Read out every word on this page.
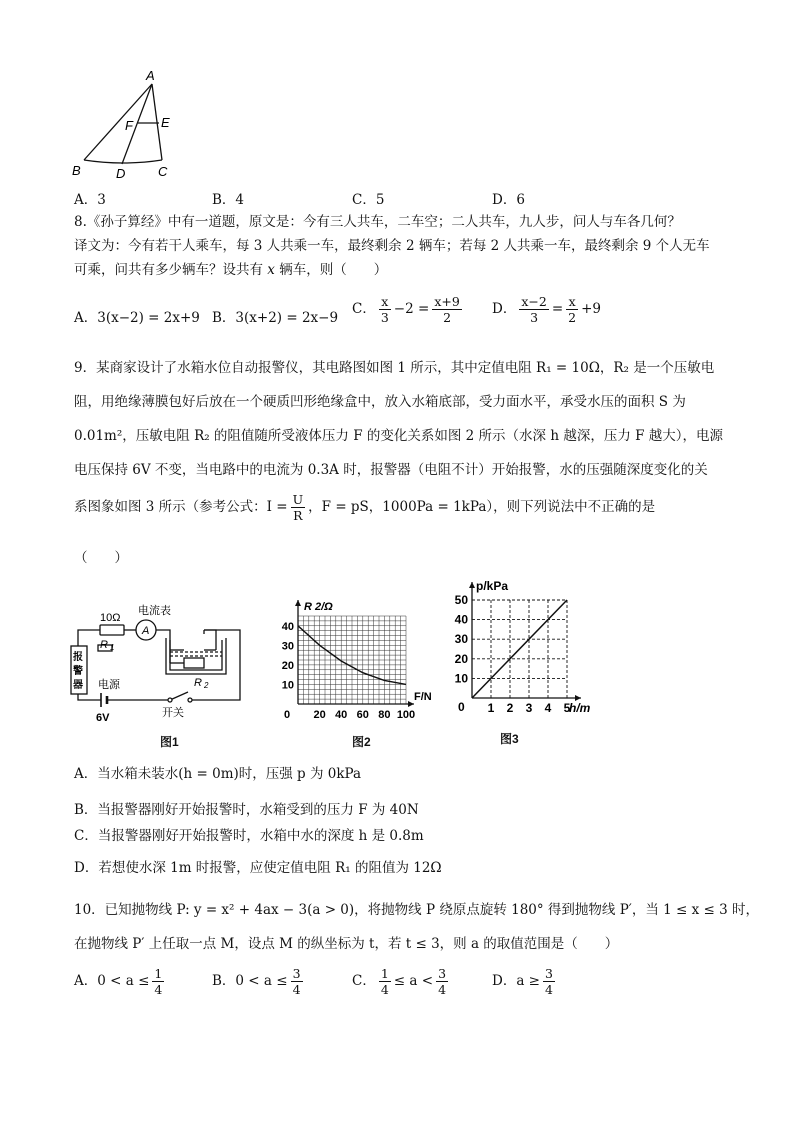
A
E
F
B	D	C
A．3	B．4	C．5	D．6
8.《孙子算经》中有一道题，原文是：今有三人共车，二车空；二人共车，九人步，问人与车各几何？
译文为：今有若干人乘车，每 3 人共乘一车，最终剩余 2 辆车；若每 2 人共乘一车，最终剩余 9 个人无车
可乘，问共有多少辆车？设共有 x 辆车，则（　　）
A．3(x−2) = 2x+9 B．3(x+2) = 2x−9
C． $\frac{x}{3} -2 = \frac{x+9}{2}$ D． $\frac{x-2}{3} = \frac{x}{2} +9$
9．某商家设计了水箱水位自动报警仪，其电路图如图 1 所示，其中定值电阻 R₁ = 10Ω，R₂ 是一个压敏电
阻，用绝缘薄膜包好后放在一个硬质凹形绝缘盒中，放入水箱底部，受力面水平，承受水压的面积 S 为
0.01m²，压敏电阻 R₂ 的阻值随所受液体压力 F 的变化关系如图 2 所示（水深 h 越深，压力 F 越大），电源
电压保持 6V 不变，当电路中的电流为 0.3A 时，报警器（电阻不计）开始报警，水的压强随深度变化的关
系图象如图 3 所示（参考公式：$I = \frac{U}{R}$ ，F = pS，1000Pa = 1kPa），则下列说法中不正确的是
（　　）
10Ω
R 1
电流表
A
报
警
器 电源	R 2
6V	开关
图1
0 20 40 60 80 100
10
20
30
40
R 2/Ω
F/N
图2
0 1 2 3 4 5
10
20
30
40
50
p/kPa
h/m
图3
A．当水箱未装水(h = 0m)时，压强 p 为 0kPa
B．当报警器刚好开始报警时，水箱受到的压力 F 为 40N
C．当报警器刚好开始报警时，水箱中水的深度 h 是 0.8m
D．若想使水深 1m 时报警，应使定值电阻 R₁ 的阻值为 12Ω
10．已知抛物线 P: y = x² + 4ax − 3(a > 0)，将抛物线 P 绕原点旋转 180° 得到抛物线 P′，当 1 ≤ x ≤ 3 时，
在抛物线 P′ 上任取一点 M，设点 M 的纵坐标为 t，若 t ≤ 3，则 a 的取值范围是（　　）
A．$0 < a \le \frac{1}{4}$	B．$0 < a \le \frac{3}{4}$	C． $\frac{1}{4} \le a < \frac{3}{4}$	D．$a \ge \frac{3}{4}$
